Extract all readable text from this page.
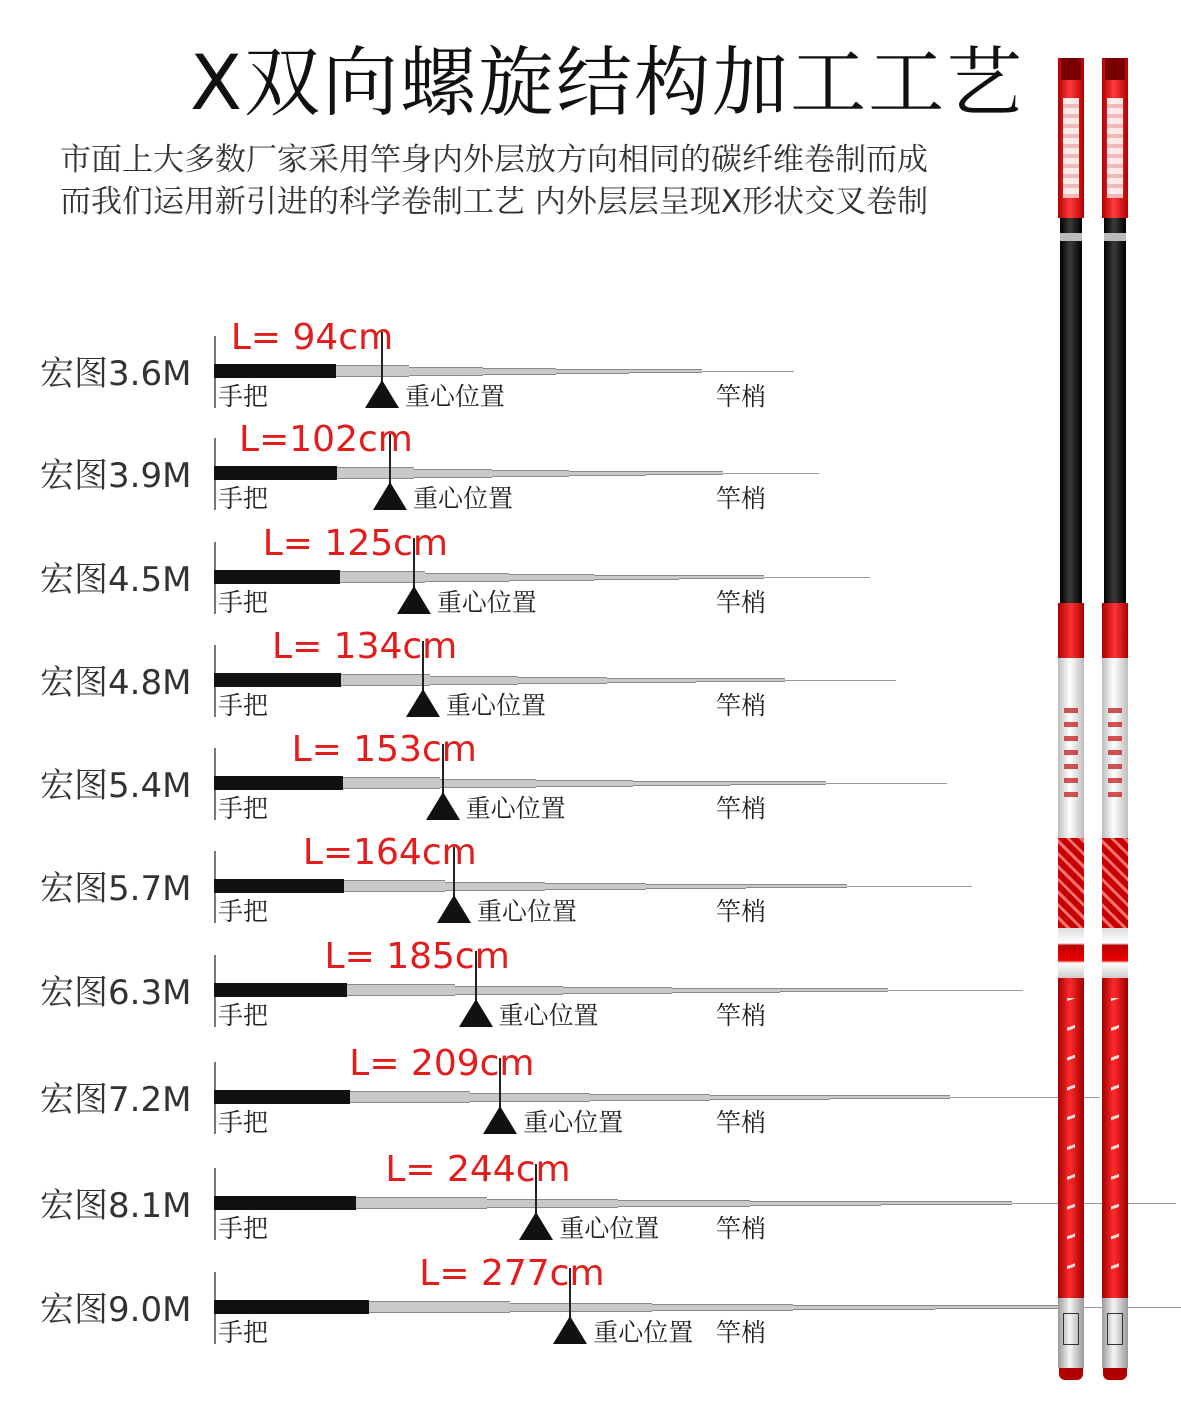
X双向螺旋结构加工工艺
市面上大多数厂家采用竿身内外层放方向相同的碳纤维卷制而成
而我们运用新引进的科学卷制工艺 内外层层呈现X形状交叉卷制
宏图3.6M
L= 94cm
手把	重心位置	竿梢
宏图3.9M
L=102cm
手把	重心位置	竿梢
宏图4.5M
L= 125cm
手把	重心位置	竿梢
宏图4.8M
L= 134cm
手把	重心位置	竿梢
宏图5.4M
L= 153cm
手把	重心位置	竿梢
宏图5.7M
L=164cm
手把	重心位置	竿梢
宏图6.3M
L= 185cm
手把	重心位置	竿梢
宏图7.2M
L= 209cm
手把	重心位置	竿梢
宏图8.1M
L= 244cm
手把	重心位置 竿梢
宏图9.0M
L= 277cm
手把	重心位置 竿梢
